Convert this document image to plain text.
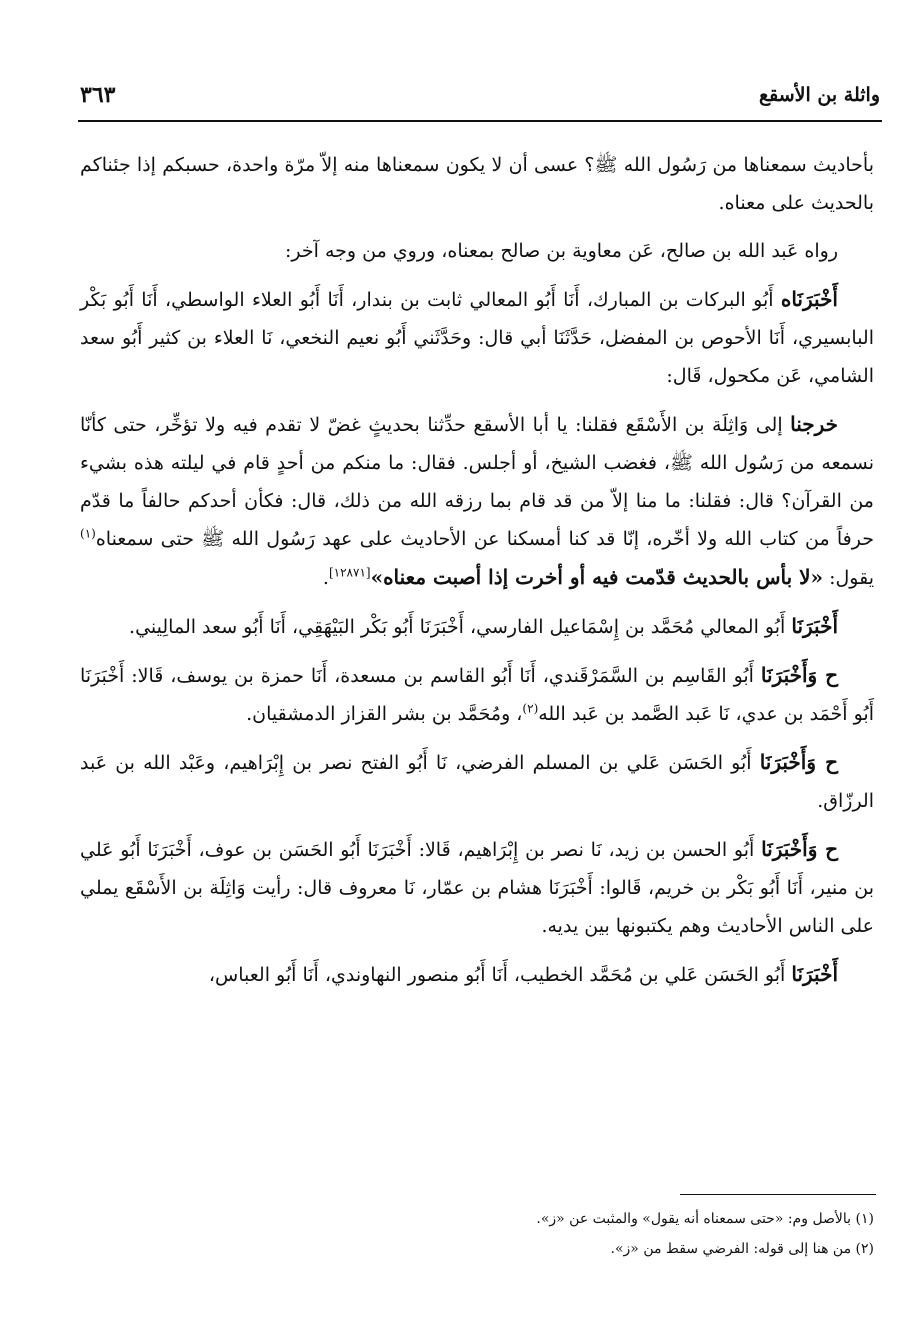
واثلة بن الأسقع
٣٦٣

بأحاديث سمعناها من رَسُول الله ﷺ؟ عسى أن لا يكون سمعناها منه إلاّ مرّة واحدة، حسبكم إذا جئناكم بالحديث على معناه.

رواه عَبد الله بن صالح، عَن معاوية بن صالح بمعناه، وروي من وجه آخر:

أَخْبَرَنَاه أَبُو البركات بن المبارك، أَنَا أَبُو المعالي ثابت بن بندار، أَنَا أَبُو العلاء الواسطي، أَنَا أَبُو بَكْر البابسيري، أَنَا الأحوص بن المفضل، حَدَّثَنَا أبي قال: وحَدَّثَني أَبُو نعيم النخعي، نَا العلاء بن كثير أَبُو سعد الشامي، عَن مكحول، قَال:

خرجنا إلى وَاثِلَة بن الأَسْقَع فقلنا: يا أبا الأسقع حدِّثنا بحديثٍ غضّ لا تقدم فيه ولا تؤخِّر، حتى كأنّا نسمعه من رَسُول الله ﷺ، فغضب الشيخ، أو أجلس. فقال: ما منكم من أحدٍ قام في ليلته هذه بشيء من القرآن؟ قال: فقلنا: ما منا إلاّ من قد قام بما رزقه الله من ذلك، قال: فكأن أحدكم حالفاً ما قدّم حرفاً من كتاب الله ولا أخّره، إنّا قد كنا أمسكنا عن الأحاديث على عهد رَسُول الله ﷺ حتى سمعناه$^{(١)}$ يقول: «لا بأس بالحديث قدّمت فيه أو أخرت إذا أصبت معناه»[١٢٨٧١].

أَخْبَرَنَا أَبُو المعالي مُحَمَّد بن إِسْمَاعيل الفارسي، أَخْبَرَنَا أَبُو بَكْر البَيْهَقِي، أَنَا أَبُو سعد المالِيني.

ح وَأَخْبَرَنَا أَبُو القَاسِم بن السَّمَرْقَندي، أَنَا أَبُو القاسم بن مسعدة، أَنَا حمزة بن يوسف، قَالا: أَخْبَرَنَا أَبُو أَحْمَد بن عدي، نَا عَبد الصَّمد بن عَبد الله$^{(٢)}$، ومُحَمَّد بن بشر القزاز الدمشقيان.

ح وَأَخْبَرَنَا أَبُو الحَسَن عَلي بن المسلم الفرضي، نَا أَبُو الفتح نصر بن إِبْرَاهيم، وعَبْد الله بن عَبد الرزّاق.

ح وَأَخْبَرَنَا أَبُو الحسن بن زيد، نَا نصر بن إِبْرَاهيم، قَالا: أَخْبَرَنَا أَبُو الحَسَن بن عوف، أَخْبَرَنَا أَبُو عَلي بن منير، أَنَا أَبُو بَكْر بن خريم، قَالوا: أَخْبَرَنَا هشام بن عمّار، نَا معروف قال: رأيت وَاثِلَة بن الأَسْقَع يملي على الناس الأحاديث وهم يكتبونها بين يديه.

أَخْبَرَنَا أَبُو الحَسَن عَلي بن مُحَمَّد الخطيب، أَنَا أَبُو منصور النهاوندي، أَنَا أَبُو العباس،

(١) بالأصل وم: «حتى سمعناه أنه يقول» والمثبت عن «ز».

(٢) من هنا إلى قوله: الفرضي سقط من «ز».
